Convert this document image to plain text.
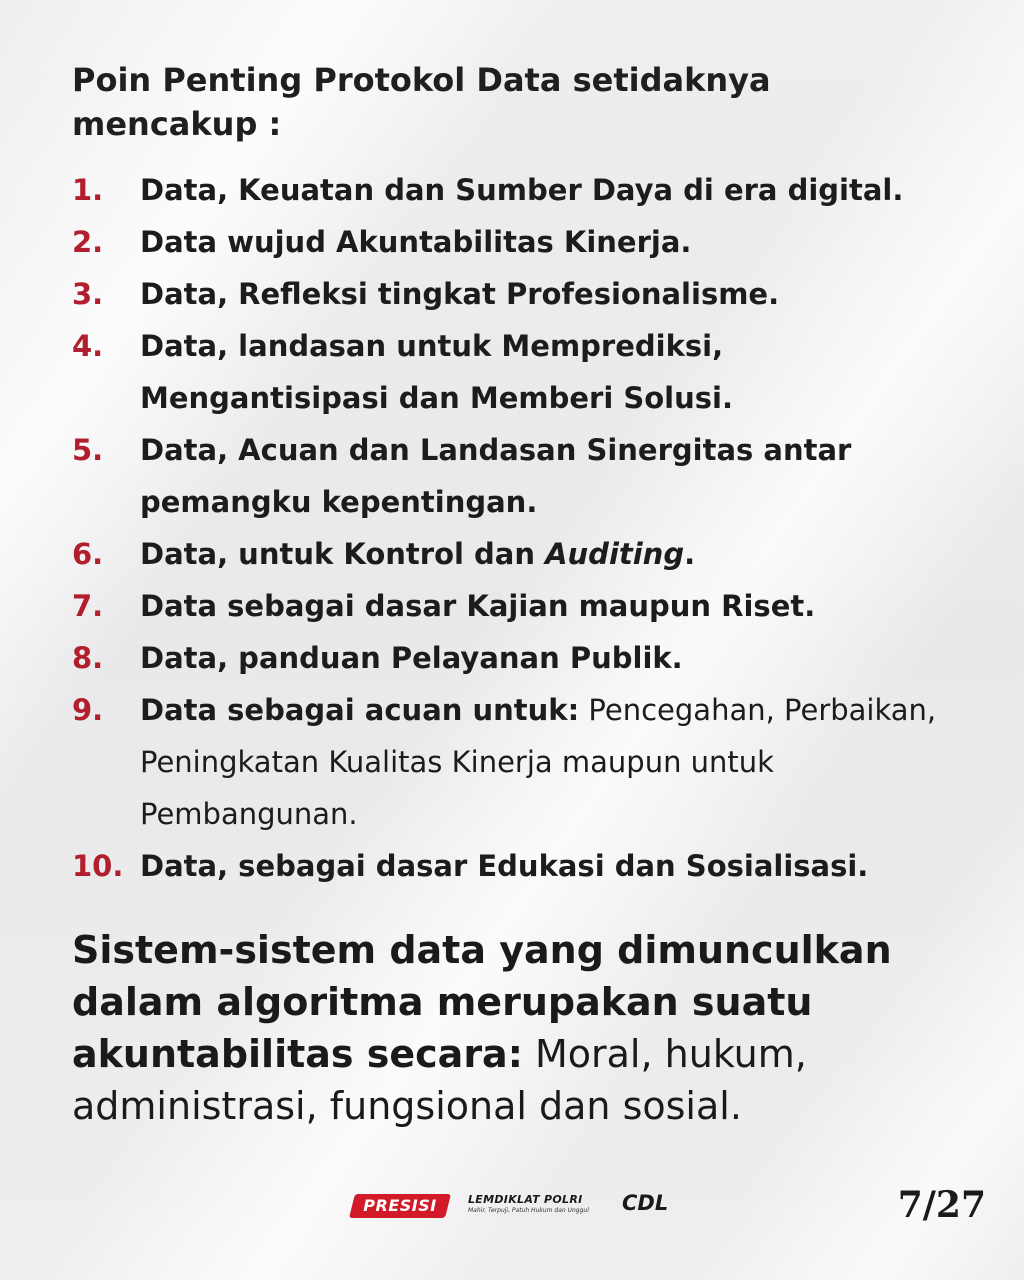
Poin Penting Protokol Data setidaknya mencakup :
1.	Data, Keuatan dan Sumber Daya di era digital.
2.	Data wujud Akuntabilitas Kinerja.
3.	Data, Refleksi tingkat Profesionalisme.
4.	Data, landasan untuk Memprediksi, Mengantisipasi dan Memberi Solusi.
5.	Data, Acuan dan Landasan Sinergitas antar pemangku kepentingan.
6.	Data, untuk Kontrol dan Auditing.
7.	Data sebagai dasar Kajian maupun Riset.
8.	Data, panduan Pelayanan Publik.
9.	Data sebagai acuan untuk: Pencegahan, Perbaikan, Peningkatan Kualitas Kinerja maupun untuk Pembangunan.
10. Data, sebagai dasar Edukasi dan Sosialisasi.

Sistem-sistem data yang dimunculkan dalam algoritma merupakan suatu akuntabilitas secara: Moral, hukum, administrasi, fungsional dan sosial.

PRESISI	LEMDIKLAT POLRI
Mahir, Terpuji, Patuh Hukum dan Unggul CDL	7/27
